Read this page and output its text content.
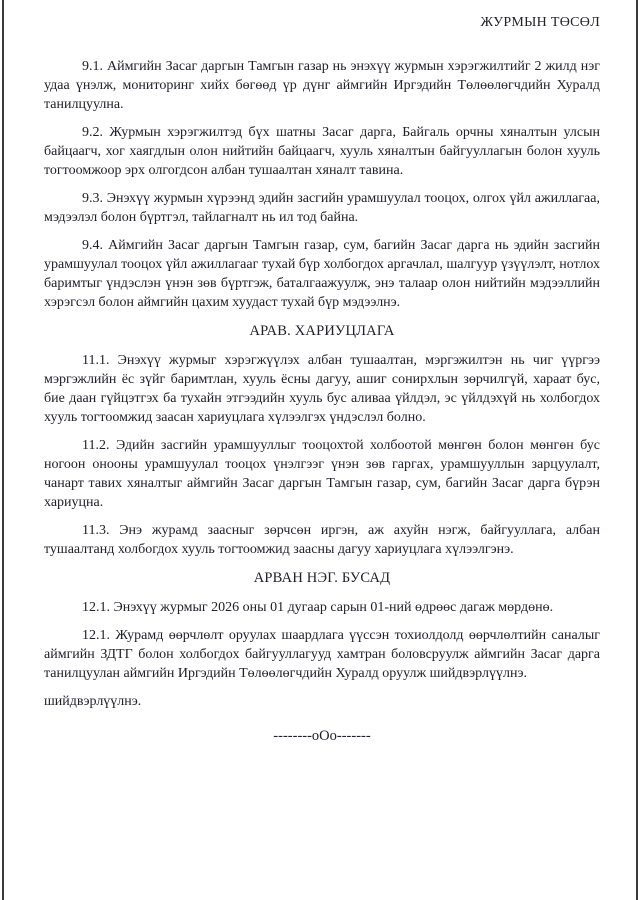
ЖУРМЫН ТӨСӨЛ

9.1. Аймгийн Засаг даргын Тамгын газар нь энэхүү журмын хэрэгжилтийг 2 жилд нэг удаа үнэлж, мониторинг хийх бөгөөд үр дүнг аймгийн Иргэдийн Төлөөлөгчдийн Хуралд танилцуулна.

9.2. Журмын хэрэгжилтэд бүх шатны Засаг дарга, Байгаль орчны хяналтын улсын байцаагч, хог хаягдлын олон нийтийн байцаагч, хууль хяналтын байгууллагын болон хууль тогтоомжоор эрх олгогдсон албан тушаалтан хяналт тавина.

9.3. Энэхүү журмын хүрээнд эдийн засгийн урамшуулал тооцох, олгох үйл ажиллагаа, мэдээлэл болон бүртгэл, тайлагналт нь ил тод байна.

9.4. Аймгийн Засаг даргын Тамгын газар, сум, багийн Засаг дарга нь эдийн засгийн урамшуулал тооцох үйл ажиллагааг тухай бүр холбогдох аргачлал, шалгуур үзүүлэлт, нотлох баримтыг үндэслэн үнэн зөв бүртгэж, баталгаажуулж, энэ талаар олон нийтийн мэдээллийн хэрэгсэл болон аймгийн цахим хуудаст тухай бүр мэдээлнэ.

АРАВ. ХАРИУЦЛАГА

11.1. Энэхүү журмыг хэрэгжүүлэх албан тушаалтан, мэргэжилтэн нь чиг үүргээ мэргэжлийн ёс зүйг баримтлан, хууль ёсны дагуу, ашиг сонирхлын зөрчилгүй, хараат бус, бие даан гүйцэтгэх ба тухайн этгээдийн хууль бус аливаа үйлдэл, эс үйлдэхүй нь холбогдох хууль тогтоомжид заасан хариуцлага хүлээлгэх үндэслэл болно.

11.2. Эдийн засгийн урамшууллыг тооцохтой холбоотой мөнгөн болон мөнгөн бус ногоон онооны урамшуулал тооцох үнэлгээг үнэн зөв гаргах, урамшууллын зарцуулалт, чанарт тавих хяналтыг аймгийн Засаг даргын Тамгын газар, сум, багийн Засаг дарга бүрэн хариуцна.

11.3. Энэ журамд заасныг зөрчсөн иргэн, аж ахуйн нэгж, байгууллага, албан тушаалтанд холбогдох хууль тогтоомжид заасны дагуу хариуцлага хүлээлгэнэ.

АРВАН НЭГ. БУСАД

12.1. Энэхүү журмыг 2026 оны 01 дугаар сарын 01-ний өдрөөс дагаж мөрдөнө.

12.1. Журамд өөрчлөлт оруулах шаардлага үүссэн тохиолдолд өөрчлөлтийн саналыг аймгийн ЗДТГ болон холбогдох байгууллагууд хамтран боловсруулж аймгийн Засаг дарга танилцуулан аймгийн Иргэдийн Төлөөлөгчдийн Хуралд оруулж шийдвэрлүүлнэ.

шийдвэрлүүлнэ.

--------оОо-------
